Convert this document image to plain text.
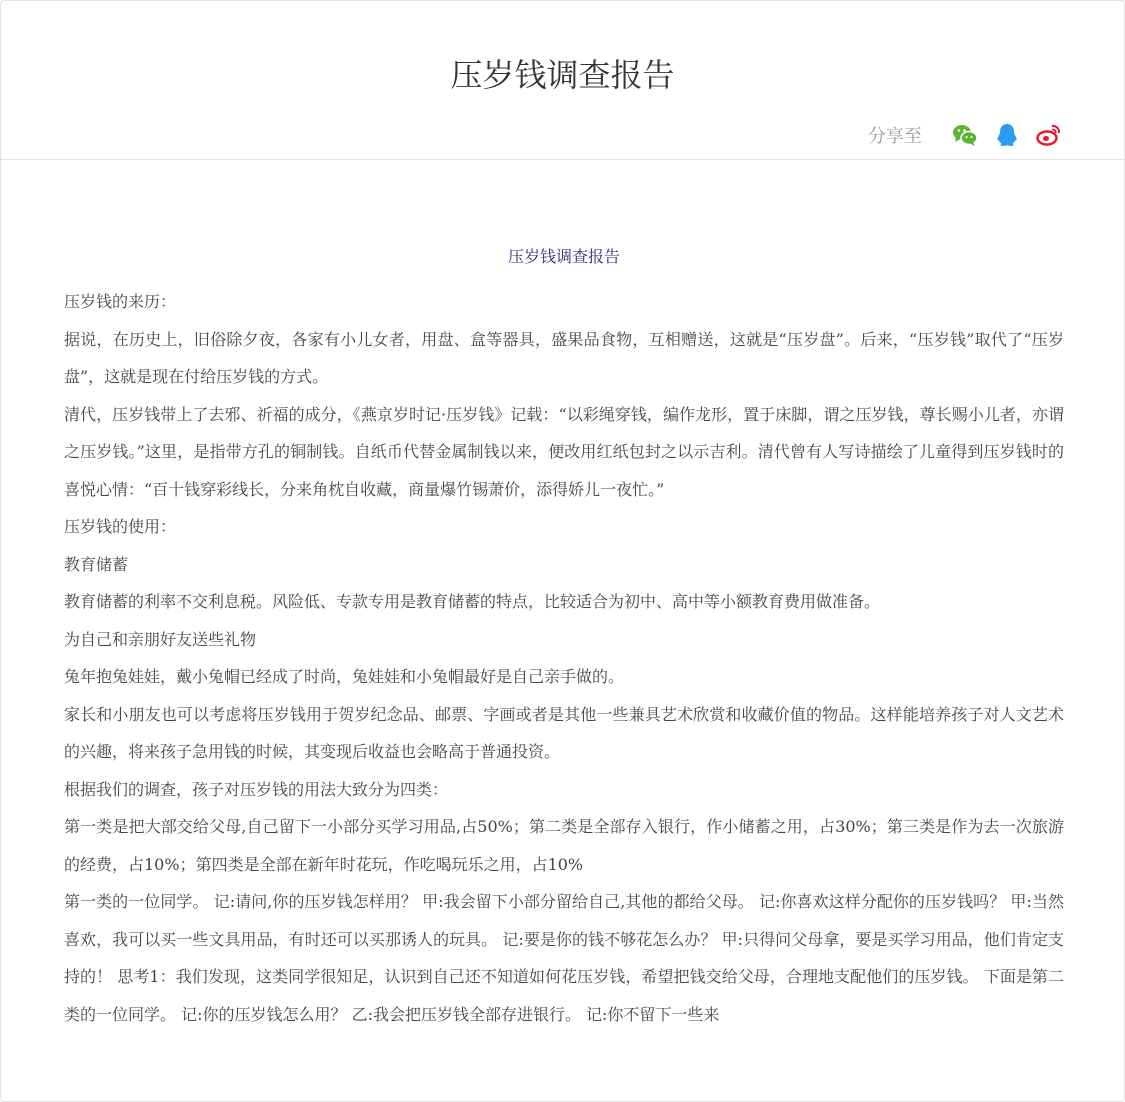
压岁钱调查报告
分享至
压岁钱调查报告

压岁钱的来历：

据说，在历史上，旧俗除夕夜，各家有小儿女者，用盘、盒等器具，盛果品食物，互相赠送，这就是“压岁盘”。后来，“压岁钱”取代了“压岁盘”，这就是现在付给压岁钱的方式。

清代，压岁钱带上了去邪、祈福的成分，《燕京岁时记·压岁钱》记载：“以彩绳穿钱，编作龙形，置于床脚，谓之压岁钱，尊长赐小儿者，亦谓之压岁钱。”这里，是指带方孔的铜制钱。自纸币代替金属制钱以来，便改用红纸包封之以示吉利。清代曾有人写诗描绘了儿童得到压岁钱时的喜悦心情：“百十钱穿彩线长，分来角枕自收藏，商量爆竹锡萧价，添得娇儿一夜忙。”

压岁钱的使用：

教育储蓄

教育储蓄的利率不交利息税。风险低、专款专用是教育储蓄的特点，比较适合为初中、高中等小额教育费用做准备。

为自己和亲朋好友送些礼物

兔年抱兔娃娃，戴小兔帽已经成了时尚，兔娃娃和小兔帽最好是自己亲手做的。

家长和小朋友也可以考虑将压岁钱用于贺岁纪念品、邮票、字画或者是其他一些兼具艺术欣赏和收藏价值的物品。这样能培养孩子对人文艺术的兴趣，将来孩子急用钱的时候，其变现后收益也会略高于普通投资。

根据我们的调查，孩子对压岁钱的用法大致分为四类：

第一类是把大部交给父母,自己留下一小部分买学习用品,占50%；第二类是全部存入银行，作小储蓄之用，占30%；第三类是作为去一次旅游的经费，占10%；第四类是全部在新年时花玩，作吃喝玩乐之用，占10%

第一类的一位同学。 记:请问,你的压岁钱怎样用？ 甲:我会留下小部分留给自己,其他的都给父母。 记:你喜欢这样分配你的压岁钱吗？ 甲:当然喜欢，我可以买一些文具用品，有时还可以买那诱人的玩具。 记:要是你的钱不够花怎么办？ 甲:只得问父母拿，要是买学习用品，他们肯定支持的！ 思考1：我们发现，这类同学很知足，认识到自己还不知道如何花压岁钱，希望把钱交给父母，合理地支配他们的压岁钱。 下面是第二类的一位同学。 记:你的压岁钱怎么用？ 乙:我会把压岁钱全部存进银行。 记:你不留下一些来
